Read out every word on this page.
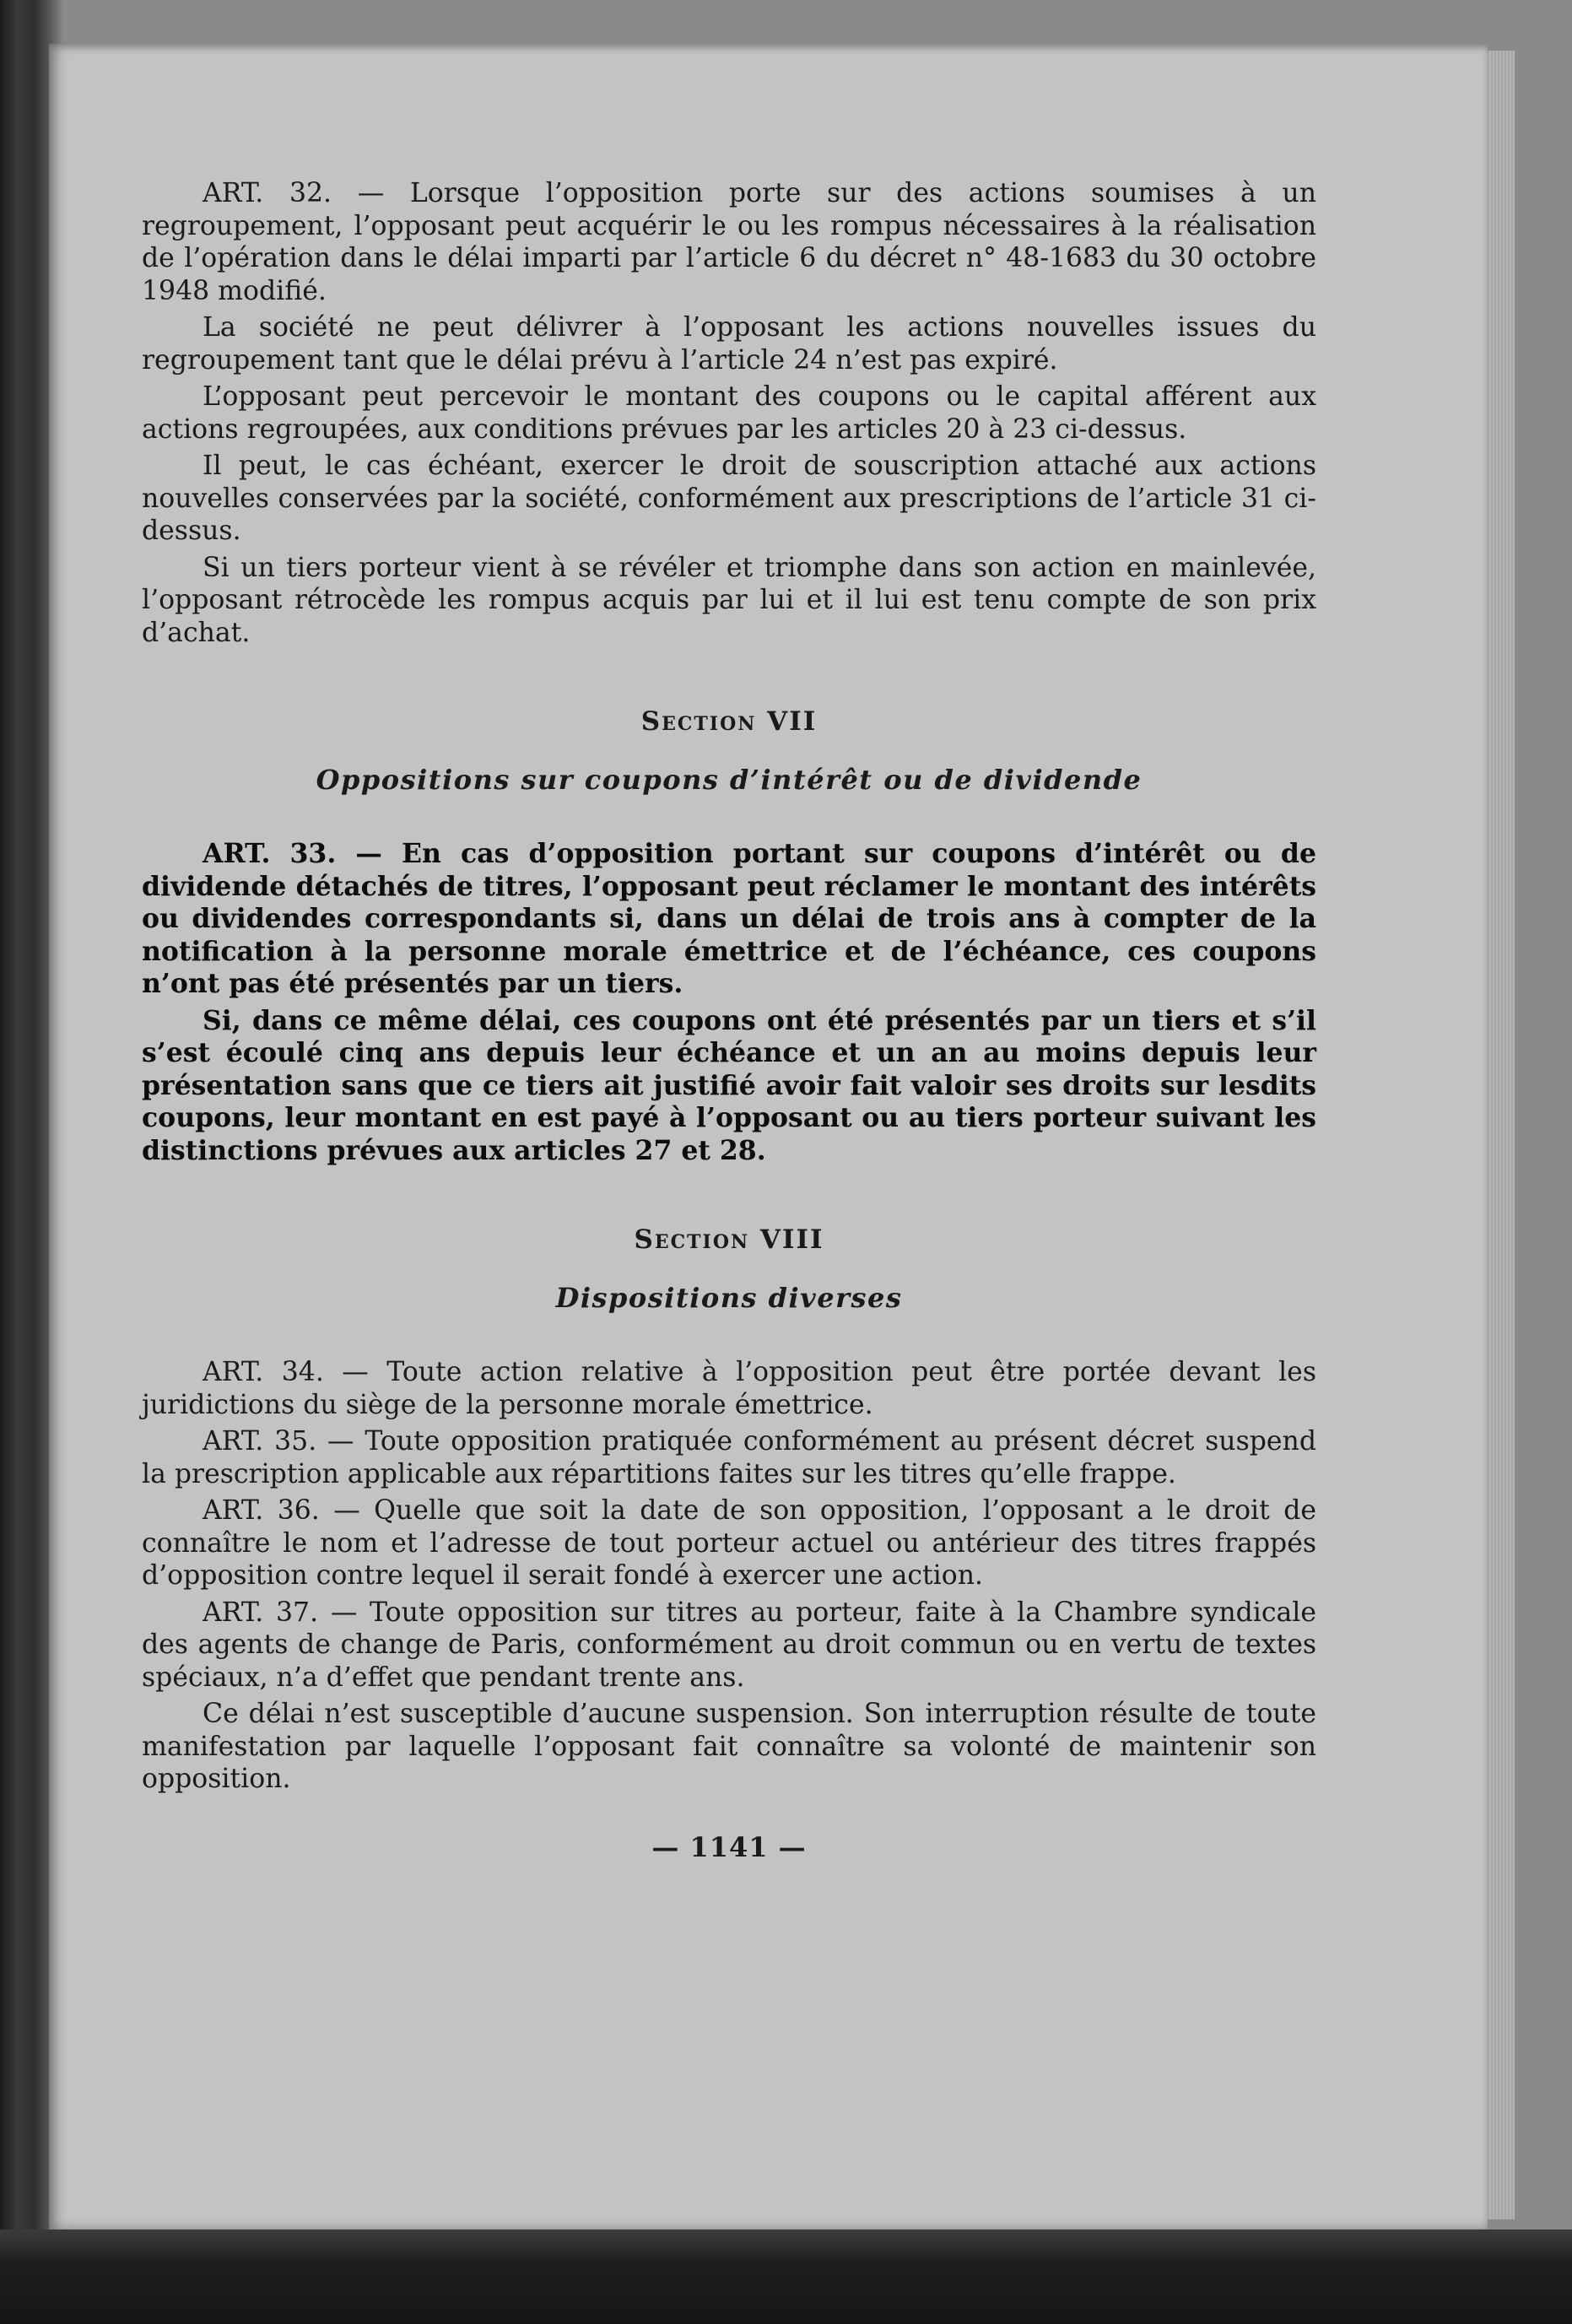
ART. 32. — Lorsque l’opposition porte sur des actions soumises à un regroupement, l’opposant peut acquérir le ou les rompus nécessaires à la réalisation de l’opération dans le délai imparti par l’article 6 du décret n° 48-1683 du 30 octobre 1948 modifié.

La société ne peut délivrer à l’opposant les actions nouvelles issues du regroupement tant que le délai prévu à l’article 24 n’est pas expiré.

L’opposant peut percevoir le montant des coupons ou le capital afférent aux actions regroupées, aux conditions prévues par les articles 20 à 23 ci-dessus.

Il peut, le cas échéant, exercer le droit de souscription attaché aux actions nouvelles conservées par la société, conformément aux prescriptions de l’article 31 ci-dessus.

Si un tiers porteur vient à se révéler et triomphe dans son action en mainlevée, l’opposant rétrocède les rompus acquis par lui et il lui est tenu compte de son prix d’achat.

Section VII
Oppositions sur coupons d’intérêt ou de dividende

ART. 33. — En cas d’opposition portant sur coupons d’intérêt ou de dividende détachés de titres, l’opposant peut réclamer le montant des intérêts ou dividendes correspondants si, dans un délai de trois ans à compter de la notification à la personne morale émettrice et de l’échéance, ces coupons n’ont pas été présentés par un tiers.

Si, dans ce même délai, ces coupons ont été présentés par un tiers et s’il s’est écoulé cinq ans depuis leur échéance et un an au moins depuis leur présentation sans que ce tiers ait justifié avoir fait valoir ses droits sur lesdits coupons, leur montant en est payé à l’opposant ou au tiers porteur suivant les distinctions prévues aux articles 27 et 28.

Section VIII
Dispositions diverses

ART. 34. — Toute action relative à l’opposition peut être portée devant les juridictions du siège de la personne morale émettrice.

ART. 35. — Toute opposition pratiquée conformément au présent décret suspend la prescription applicable aux répartitions faites sur les titres qu’elle frappe.

ART. 36. — Quelle que soit la date de son opposition, l’opposant a le droit de connaître le nom et l’adresse de tout porteur actuel ou antérieur des titres frappés d’opposition contre lequel il serait fondé à exercer une action.

ART. 37. — Toute opposition sur titres au porteur, faite à la Chambre syndicale des agents de change de Paris, conformément au droit commun ou en vertu de textes spéciaux, n’a d’effet que pendant trente ans.

Ce délai n’est susceptible d’aucune suspension. Son interruption résulte de toute manifestation par laquelle l’opposant fait connaître sa volonté de maintenir son opposition.

— 1141 —
